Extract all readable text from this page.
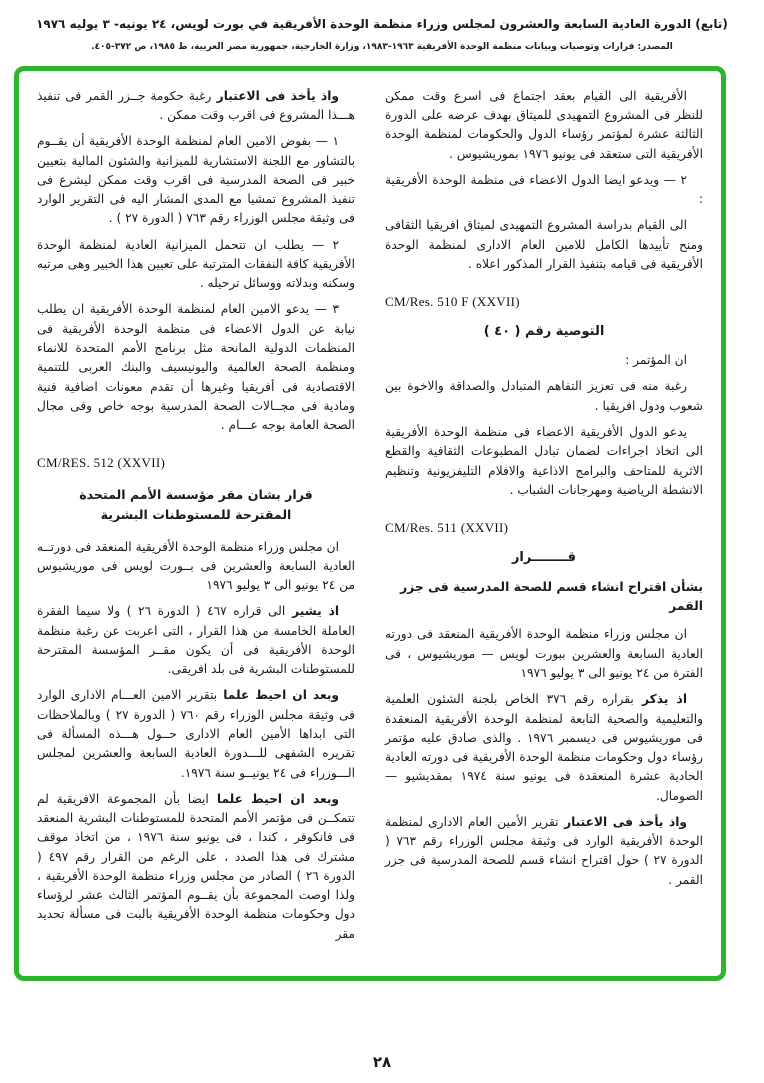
(تابع) الدورة العادية السابعة والعشرون لمجلس وزراء منظمة الوحدة الأفريقية في بورت لويس، ٢٤ يونيه- ٣ يوليه ١٩٧٦
المصدر: قرارات وتوصيات وبيانات منظمة الوحدة الأفريقية ١٩٦٣-١٩٨٣، وزارة الخارجية، جمهورية مصر العربية، ط ١٩٨٥، ص ٣٧٢-٤٠٥.

الأفريقية الى القيام بعقد اجتماع فى اسرع وقت ممكن للنظر فى المشروع التمهيدى للميثاق بهدف عرضه على الدورة الثالثة عشرة لمؤتمر رؤساء الدول والحكومات لمنظمة الوحدة الأفريقية التى ستعقد فى يونيو ١٩٧٦ بموريشيوس .

٢ — ويدعو ايضا الدول الاعضاء فى منظمة الوحدة الأفريقية :

الى القيام بدراسة المشروع التمهيدى لميثاق افريقيا الثقافى ومنح تأييدها الكامل للامين العام الادارى لمنظمة الوحدة الأفريقية فى قيامه بتنفيذ القرار المذكور اعلاه .

CM/Res. 510 F (XXVII)

التوصية رقم ( ٤٠ )

ان المؤتمر :

رغبة منه فى تعزيز التفاهم المتبادل والصداقة والاخوة بين شعوب ودول افريقيا .

يدعو الدول الأفريقية الاعضاء فى منظمة الوحدة الأفريقية الى اتخاذ اجراءات لضمان تبادل المطبوعات الثقافية والقطع الاثرية للمتاحف والبرامج الاذاعية والافلام التليفزيونية وتنظيم الانشطة الرياضية ومهرجانات الشباب .

CM/Res. 511 (XXVII)

قــــــــرار

بشأن اقتراح انشاء قسم للصحة المدرسية فى جزر القمر

ان مجلس وزراء منظمة الوحدة الأفريقية المنعقد فى دورته العادية السابعة والعشرين ببورت لويس — موريشيوس ، فى الفترة من ٢٤ يونيو الى ٣ يوليو ١٩٧٦

اذ يذكر بقراره رقم ٣٧٦ الخاص بلجنة الشئون العلمية والتعليمية والصحية التابعة لمنظمة الوحدة الأفريقية المنعقدة فى موريشيوس فى ديسمبر ١٩٧٦ . والذى صادق عليه مؤتمر رؤساء دول وحكومات منظمة الوحدة الأفريقية فى دورته العادية الحادية عشرة المنعقدة فى يونيو سنة ١٩٧٤ بمقديشيو — الصومال.

واذ يأخذ فى الاعتبار تقرير الأمين العام الادارى لمنظمة الوحدة الأفريقية الوارد فى وثيقة مجلس الوزراء رقم ٧٦٣ ( الدورة ٢٧ ) حول اقتراح انشاء قسم للصحة المدرسية فى جزر القمر .

واذ يأخذ فى الاعتبار رغبة حكومة جــزر القمر فى تنفيذ هـــذا المشروع فى اقرب وقت ممكن .

١ — بفوض الامين العام لمنظمة الوحدة الأفريقية أن يقــوم بالتشاور مع اللجنة الاستشارية للميزانية والشئون المالية بتعيين خبير فى الصحة المدرسية فى اقرب وقت ممكن ليشرع فى تنفيذ المشروع تمشيا مع المدى المشار اليه فى التقرير الوارد فى وثيقة مجلس الوزراء رقم ٧٦٣ ( الدورة ٢٧ ) .

٢ — يطلب ان تتحمل الميزانية العادية لمنظمة الوحدة الأفريقية كافة النفقات المترتبة على تعيين هذا الخبير وهى مرتبه وسكنه وبدلاته ووسائل ترحيله .

٣ — يدعو الامين العام لمنظمة الوحدة الأفريقية ان يطلب نيابة عن الدول الاعضاء فى منظمة الوحدة الأفريقية فى المنظمات الدولية المانحة مثل برنامج الأمم المتحدة للانماء ومنظمة الصحة العالمية واليونيسيف والبنك العربى للتنمية الاقتصادية فى أفريقيا وغيرها أن تقدم معونات اضافية فنية ومادية فى مجــالات الصحة المدرسية بوجه خاص وفى مجال الصحة العامة بوجه عـــام .

CM/RES. 512 (XXVII)

قرار بشان مقر مؤسسة الأمم المتحدة المقترحة للمستوطنات البشرية

ان مجلس وزراء منظمة الوحدة الأفريقية المنعقد فى دورتــه العادية السابعة والعشرين فى بــورت لويس فى موريشيوس من ٢٤ يونيو الى ٣ يوليو ١٩٧٦

اذ يشير الى قراره ٤٦٧ ( الدورة ٢٦ ) ولا سيما الفقرة العاملة الخامسة من هذا القرار ، التى اعربت عن رغبة منظمة الوحدة الأفريقية فى أن يكون مقــر المؤسسة المقترحة للمستوطنات البشرية فى بلد افريقى.

وبعد ان احيط علما بتقرير الامين العـــام الادارى الوارد فى وثيقة مجلس الوزراء رقم ٧٦٠ ( الدورة ٢٧ ) وبالملاحظات التى ابداها الأمين العام الادارى حــول هـــذه المسألة فى تقريره الشفهى للـــدورة العادية السابعة والعشرين لمجلس الـــوزراء فى ٢٤ يونيــو سنة ١٩٧٦.

وبعد ان احيط علما ايضا بأن المجموعة الافريقية لم تتمكــن فى مؤتمر الأمم المتحدة للمستوطنات البشرية المنعقد فى فانكوفر ، كندا ، فى يونيو سنة ١٩٧٦ ، من اتخاذ موقف مشترك فى هذا الصدد ، على الرغم من القرار رقم ٤٩٧ ( الدورة ٢٦ ) الصادر من مجلس وزراء منظمة الوحدة الأفريقية ، ولذا اوصت المجموعة بأن يقــوم المؤتمر الثالث عشر لرؤساء دول وحكومات منظمة الوحدة الأفريقية بالبت فى مسألة تحديد مقر

٢٨
